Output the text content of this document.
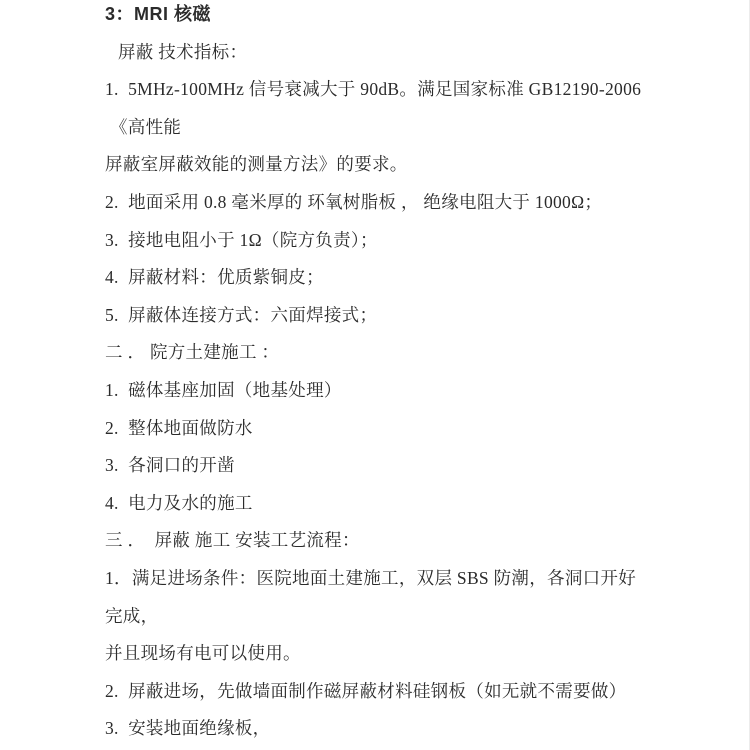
3：MRI 核磁

屏蔽 技术指标：

1.  5MHz-100MHz 信号衰减大于 90dB。满足国家标准 GB12190-2006

《高性能

屏蔽室屏蔽效能的测量方法》的要求。

2.  地面采用 0.8 毫米厚的 环氧树脂板 ， 绝缘电阻大于 1000Ω；

3.  接地电阻小于 1Ω（院方负责）；

4.  屏蔽材料：优质紫铜皮；

5.  屏蔽体连接方式：六面焊接式；

二 ． 院方土建施工 ：

1.  磁体基座加固（地基处理）

2.  整体地面做防水

3.  各洞口的开凿

4.  电力及水的施工

三 ．  屏蔽 施工 安装工艺流程：

1．满足进场条件：医院地面土建施工，双层 SBS 防潮，各洞口开好

完成，

并且现场有电可以使用。

2.  屏蔽进场，先做墙面制作磁屏蔽材料硅钢板（如无就不需要做）

3.  安装地面绝缘板，
